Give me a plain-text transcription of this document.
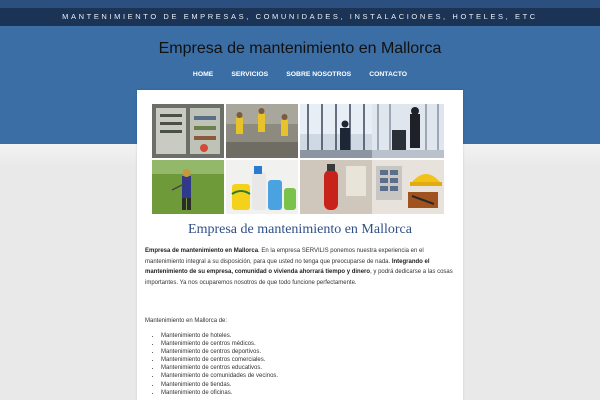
MANTENIMIENTO DE EMPRESAS, COMUNIDADES, INSTALACIONES, HOTELES, ETC
Empresa de mantenimiento en Mallorca
HOME	SERVICIOS	SOBRE NOSOTROS	CONTACTO
Empresa de mantenimiento en Mallorca

Empresa de mantenimiento en Mallorca. En la empresa SERVILIS ponemos nuestra experiencia en el mantenimiento integral a su disposición, para que usted no tenga que preocuparse de nada. Integrando el mantenimiento de su empresa, comunidad o vivienda ahorrará tiempo y dinero, y podrá dedicarse a las cosas importantes. Ya nos ocuparemos nosotros de que todo funcione perfectamente.

Mantenimiento en Mallorca de:
• Mantenimiento de hoteles.
• Mantenimiento de centros médicos.
• Mantenimiento de centros deportivos.
• Mantenimiento de centros comerciales.
• Mantenimiento de centros educativos.
• Mantenimiento de comunidades de vecinos.
• Mantenimiento de tiendas.
• Mantenimiento de oficinas.
